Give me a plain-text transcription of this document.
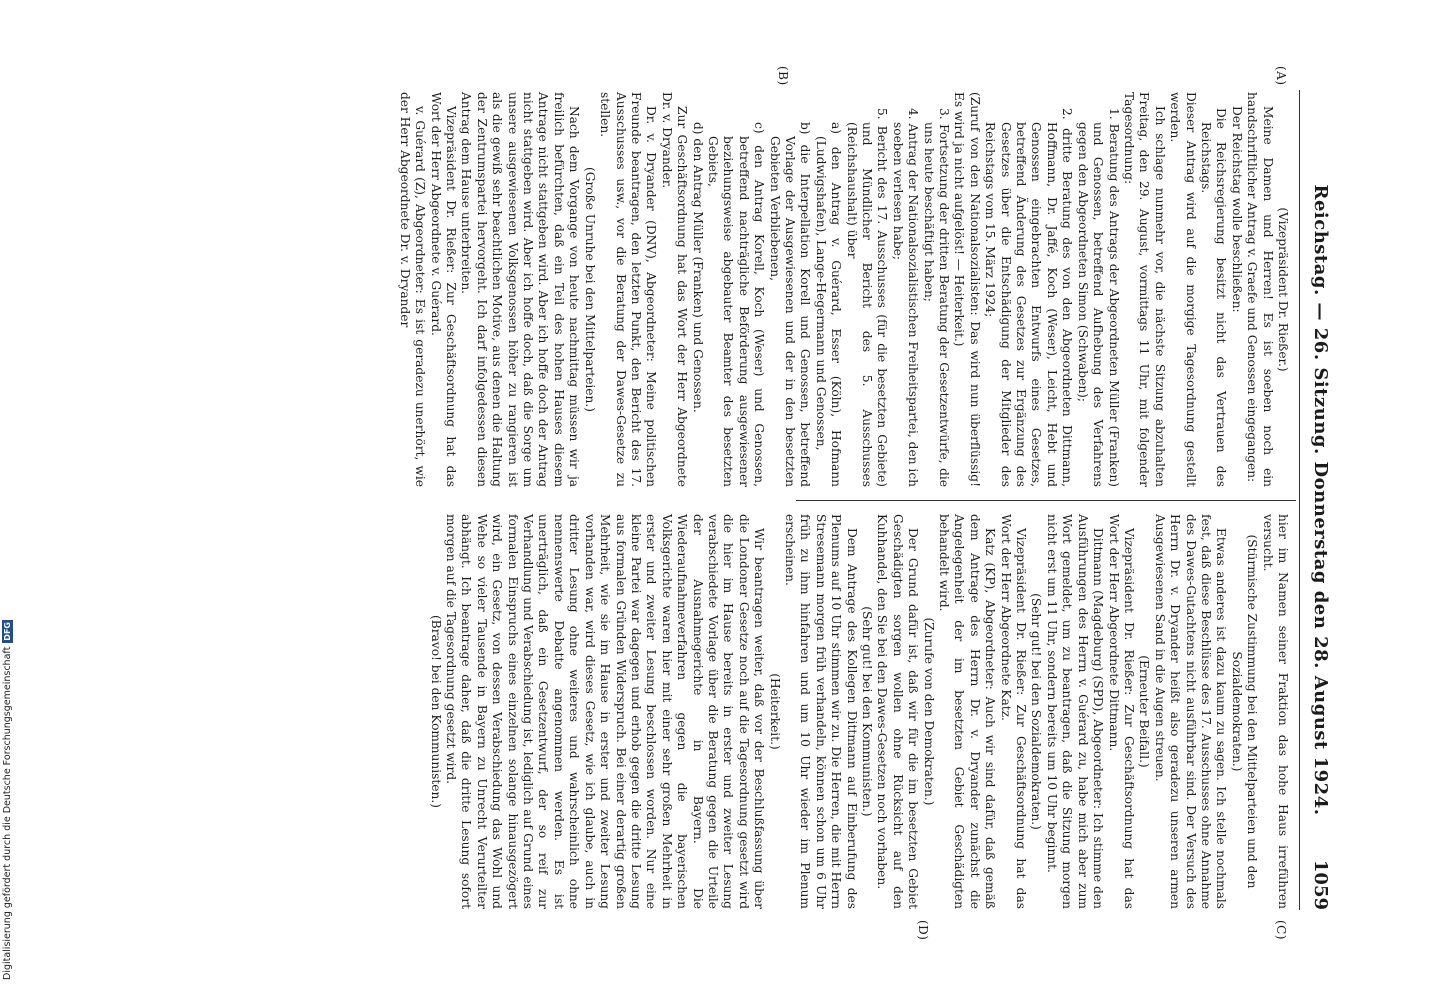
Reichstag. — 26. Sitzung. Donnerstag den 28. August 1924.
1059
(A)
(B)
(C)
(D)

(Vizepräsident Dr. Rießer.)

Meine Damen und Herren! Es ist soeben noch ein handschriftlicher Antrag v. Graefe und Genossen eingegangen:

Der Reichstag wolle beschließen:

Die Reichsregierung besitzt nicht das Vertrauen des Reichstags.

Dieser Antrag wird auf die morgige Tagesordnung gestellt werden.

Ich schlage nunmehr vor, die nächste Sitzung abzuhalten Freitag, den 29. August, vormittags 11 Uhr, mit folgender Tagesordnung:

1. Beratung des Antrags der Abgeordneten Müller (Franken) und Genossen, betreffend Aufhebung des Verfahrens gegen den Abgeordneten Simon (Schwaben);

2. dritte Beratung des von den Abgeordneten Dittmann, Hoffmann, Dr. Jaffé, Koch (Weser), Leicht, Hebt und Genossen eingebrachten Entwurfs eines Gesetzes, betreffend Änderung des Gesetzes zur Ergänzung des Gesetzes über die Entschädigung der Mitglieder des Reichstags vom 15. März 1924;

(Zuruf von den Nationalsozialisten: Das wird nun überflüssig! Es wird ja nicht aufgelöst! — Heiterkeit.)

3. Fortsetzung der dritten Beratung der Gesetzentwürfe, die uns heute beschäftigt haben;

4. Antrag der Nationalsozialistischen Freiheitspartei, den ich soeben verlesen habe;

5. Bericht des 17. Ausschusses (für die besetzten Gebiete) und Mündlicher Bericht des 5. Ausschusses (Reichshaushalt) über

a) den Antrag v. Guérard, Esser (Köln), Hofmann (Ludwigshafen), Lange-Hegermann und Genossen,

b) die Interpellation Korell und Genossen, betreffend Vorlage der Ausgewiesenen und der in den besetzten Gebieten Verbliebenen,

c) den Antrag Korell, Koch (Weser) und Genossen, betreffend nachträgliche Beförderung ausgewiesener beziehungsweise abgebauter Beamter des besetzten Gebiets,

d) den Antrag Müller (Franken) und Genossen.

Zur Geschäftsordnung hat das Wort der Herr Abgeordnete Dr. v. Dryander.

Dr. v. Dryander (DNV), Abgeordneter: Meine politischen Freunde beantragen, den letzten Punkt, den Bericht des 17. Ausschusses usw., vor die Beratung der Dawes-Gesetze zu stellen.

(Große Unruhe bei den Mittelparteien.)

Nach dem Vorgange von heute nachmittag müssen wir ja freilich befürchten, daß ein Teil des hohen Hauses diesem Antrage nicht stattgeben wird. Aber ich hoffe doch der Antrag nicht stattgeben wird. Aber ich hoffe doch, daß die Sorge um unsere ausgewiesenen Volksgenossen höher zu rangieren ist als die gewiß sehr beachtlichen Motive, aus denen die Haltung der Zentrumspartei hervorgeht. Ich darf infolgedessen diesen Antrag dem Hause unterbreiten.

Vizepräsident Dr. Rießer: Zur Geschäftsordnung hat das Wort der Herr Abgeordnete v. Guérard.

v. Guérard (Z), Abgeordneter: Es ist geradezu unerhört, wie der Herr Abgeordnete Dr. v. Dryander

hier im Namen seiner Fraktion das hohe Haus irreführen versucht.

(Stürmische Zustimmung bei den Mittelparteien und den Sozialdemokraten.)

Etwas anderes ist dazu kaum zu sagen. Ich stelle nochmals fest, daß diese Beschlüsse des 17. Ausschusses ohne Annahme des Dawes-Gutachtens nicht ausführbar sind. Der Versuch des Herrn Dr. v. Dryander heißt also geradezu unseren armen Ausgewiesenen Sand in die Augen streuen.

(Erneuter Beifall.)

Vizepräsident Dr. Rießer: Zur Geschäftsordnung hat das Wort der Herr Abgeordnete Dittmann.

Dittmann (Magdeburg) (SPD), Abgeordneter: Ich stimme den Ausführungen des Herrn v. Guérard zu, habe mich aber zum Wort gemeldet, um zu beantragen, daß die Sitzung morgen nicht erst um 11 Uhr, sondern bereits um 10 Uhr beginnt.

(Sehr gut! bei den Sozialdemokraten.)

Vizepräsident Dr. Rießer: Zur Geschäftsordnung hat das Wort der Herr Abgeordnete Katz.

Katz (KP), Abgeordneter: Auch wir sind dafür, daß gemäß dem Antrage des Herrn Dr. v. Dryander zunächst die Angelegenheit der im besetzten Gebiet Geschädigten behandelt wird.

(Zurufe von den Demokraten.)

Der Grund dafür ist, daß wir für die im besetzten Gebiet Geschädigten sorgen wollen ohne Rücksicht auf den Kuhhandel, den Sie bei den Dawes-Gesetzen noch vorhaben.

(Sehr gut! bei den Kommunisten.)

Dem Antrage des Kollegen Dittmann auf Einberufung des Plenums auf 10 Uhr stimmen wir zu. Die Herren, die mit Herrn Stresemann morgen früh verhandeln, können schon um 6 Uhr früh zu ihm hinfahren und um 10 Uhr wieder im Plenum erscheinen.

(Heiterkeit.)

Wir beantragen weiter, daß vor der Beschlußfassung über die Londoner Gesetze noch auf die Tagesordnung gesetzt wird die hier im Hause bereits in erster und zweiter Lesung verabschiedete Vorlage über die Beratung gegen die Urteile der Ausnahmegerichte in Bayern. Die Wiederaufnahmeverfahren gegen die bayerischen Volksgerichte waren hier mit einer sehr großen Mehrheit in erster und zweiter Lesung beschlossen worden. Nur eine kleine Partei war dagegen und erhob gegen die dritte Lesung aus formalen Gründen Widerspruch. Bei einer derartig großen Mehrheit, wie sie im Hause in erster und zweiter Lesung vorhanden war, wird dieses Gesetz, wie ich glaube, auch in dritter Lesung ohne weiteres und wahrscheinlich ohne nennenswerte Debatte angenommen werden. Es ist unerträglich, daß ein Gesetzentwurf, der so reif zur Verhandlung und Verabschiedung ist, lediglich auf Grund eines formalen Einspruchs eines einzelnen solange hinausgezögert wird, ein Gesetz, von dessen Verabschiedung das Wohl und Wehe so vieler Tausende in Bayern zu Unrecht Verurteilter abhängt. Ich beantrage daher, daß die dritte Lesung sofort morgen auf die Tagesordnung gesetzt wird.

(Bravo! bei den Kommunisten.)

Digitalisierung gefördert durch die Deutsche Forschungsgemeinschaft
DFG
